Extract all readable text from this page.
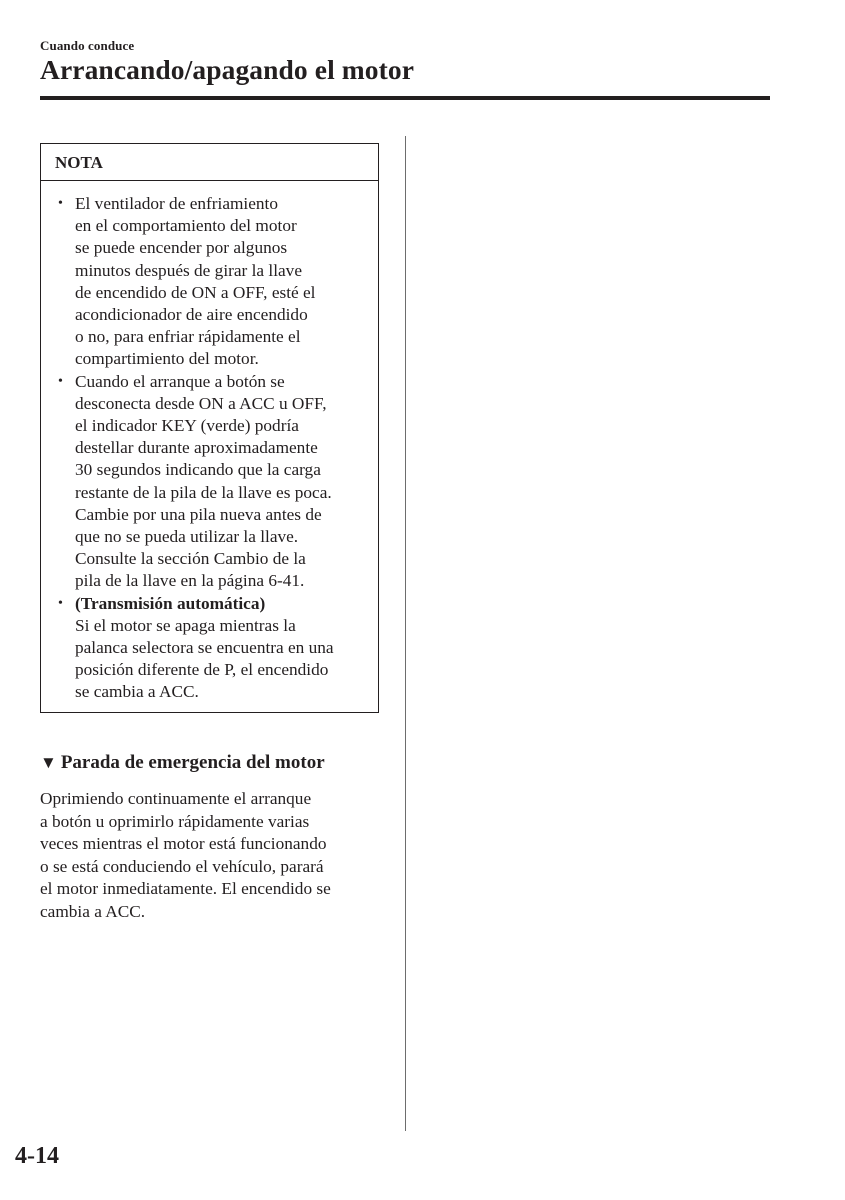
Cuando conduce
Arrancando/apagando el motor
NOTA
• El ventilador de enfriamiento
en el comportamiento del motor
se puede encender por algunos
minutos después de girar la llave
de encendido de ON a OFF, esté el
acondicionador de aire encendido
o no, para enfriar rápidamente el
compartimiento del motor.
• Cuando el arranque a botón se
desconecta desde ON a ACC u OFF,
el indicador KEY (verde) podría
destellar durante aproximadamente
30 segundos indicando que la carga
restante de la pila de la llave es poca.
Cambie por una pila nueva antes de
que no se pueda utilizar la llave.
Consulte la sección Cambio de la
pila de la llave en la página 6-41.
• (Transmisión automática)
Si el motor se apaga mientras la
palanca selectora se encuentra en una
posición diferente de P, el encendido
se cambia a ACC.
▼ Parada de emergencia del motor
Oprimiendo continuamente el arranque
a botón u oprimirlo rápidamente varias
veces mientras el motor está funcionando
o se está conduciendo el vehículo, parará
el motor inmediatamente. El encendido se
cambia a ACC.
4-14
